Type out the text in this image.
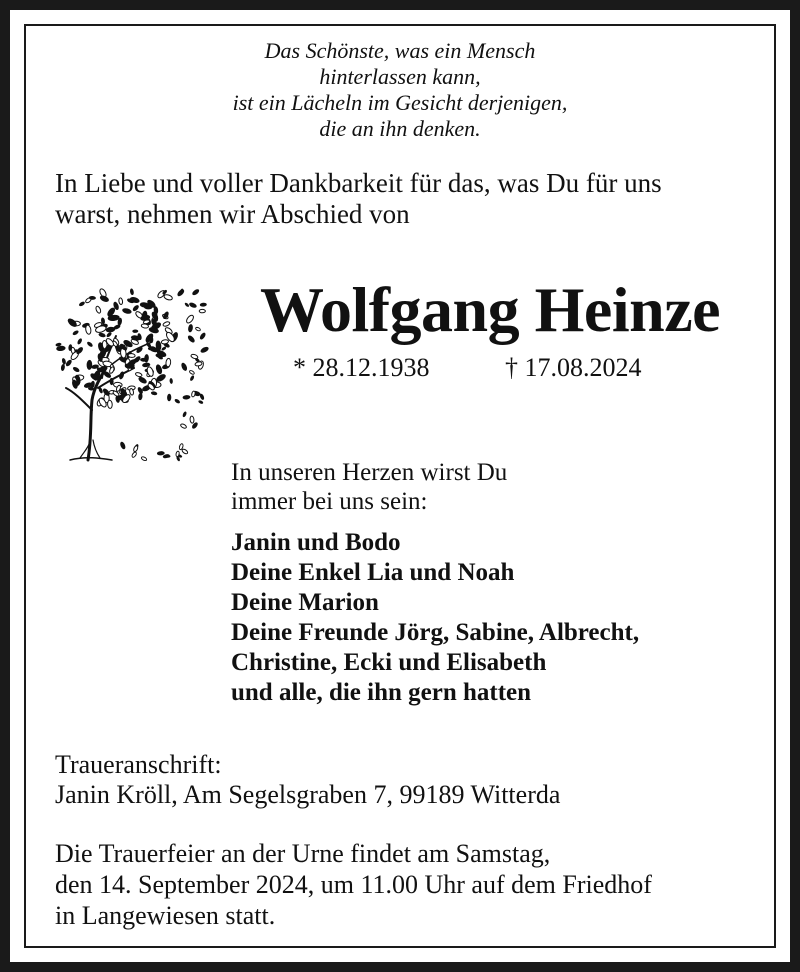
Das Schönste, was ein Mensch
hinterlassen kann,
ist ein Lächeln im Gesicht derjenigen,
die an ihn denken.
In Liebe und voller Dankbarkeit für das, was Du für uns
warst, nehmen wir Abschied von
Wolfgang Heinze
* 28.12.1938	† 17.08.2024
In unseren Herzen wirst Du
immer bei uns sein:
Janin und Bodo
Deine Enkel Lia und Noah
Deine Marion
Deine Freunde Jörg, Sabine, Albrecht,
Christine, Ecki und Elisabeth
und alle, die ihn gern hatten
Traueranschrift:
Janin Kröll, Am Segelsgraben 7, 99189 Witterda
Die Trauerfeier an der Urne findet am Samstag,
den 14. September 2024, um 11.00 Uhr auf dem Friedhof
in Langewiesen statt.
